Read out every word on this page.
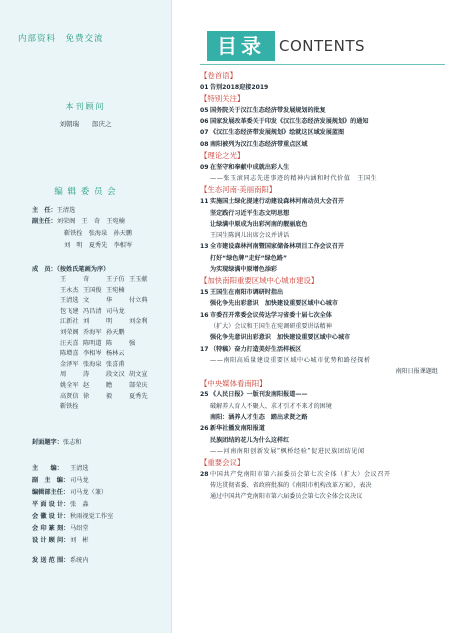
内部资料　免费交流
本刊顾问
刘朝瑞　　郎庆之
编 辑 委 员 会
主　任：王清选
副主任：刘荣阁　王　奇　王宛楠
靳铁拴　张海泉　孙天鹏
刘　明　夏秀先　李相岑
成　员：（按姓氏笔画为序）
王	奇	王子仿 王玉献
王永杰 王国俊 王宛楠
王清选 文	华	付立典
包飞建 冯昌清 司马龙
江新社 刘	明	刘金利
刘荣阁 乔海军 孙天鹏
汪天喜 陈明道 陈	强
陈增喜 李相岑 杨林云
金泽军 张海泉 张喜甫
周	涛	段文汉 胡文宣
姚全军 赵	瞻	郜荣庆
高贤信 徐	毅	夏秀先
靳铁拴
封面题字：张志和
主　　编： 王清选
副　主　编：司马龙
编辑部主任：司马龙（兼）
平 面 设 计：张　淼
会 徽 设 计：秋雨视觉工作室
会 印 篆 刻：马绍堂
设 计 顾 问：刘　彬
发 送 范 围：系统内
目录 CONTENTS
【卷首语】
01 告别2018迎接2019
【特别关注】
05 国务院关于汉江生态经济带发展规划的批复
06 国家发展改革委关于印发《汉江生态经济发展规划》的通知
07 《汉江生态经济带发展规划》绘就这区域发展蓝图
08 南阳被列为汉江生态经济带重点区域
【理论之光】
09 在坚守和奉献中成就出彩人生
——张玉滚同志先进事迹的精神内涵和时代价值　王国生
【生态河南·美丽南阳】
11 实施国土绿化提速行动建设森林河南动员大会召开
坚定践行习近平生态文明思想
让绿满中原成为出彩河南的靓丽底色
王国生陈润儿出席会议并讲话
13 全市建设森林河南暨国家储备林项目工作会议召开
打好“绿色牌”走好“绿色路”
为实现绿满中原增色添彩
【加快南阳重要区域中心城市建设】
15 王国生在南阳市调研时指出
强化争先出彩意识　加快建设重要区域中心城市
16 市委召开常委会议传达学习省委十届七次全体
（扩大）会议和王国生在宛调研重要讲话精神
强化争先意识出彩意识　加快建设重要区域中心城市
17 （特稿）奋力打造美好生活样板区
——南阳高质量建设重要区域中心城市优势和路径探析
南阳日报课题组
【中央媒体看南阳】
25 《人民日报》一版刊发南阳报道——
破解养人育人不聚人、求才引才不来才的困境
南阳：涵养人才生态　踏出求贤之路
26 新华社播发南阳报道
民族团结的花儿为什么这样红
——河南南阳创新发展“枫桥经验”促进民族团结见闻
【重要会议】
28 中国共产党南阳市第六届委员会第七次全体（扩大）会议召开
传达贯彻省委、省政府批准的《南阳市机构改革方案》，表决
通过中国共产党南阳市第六届委员会第七次全体会议决议
